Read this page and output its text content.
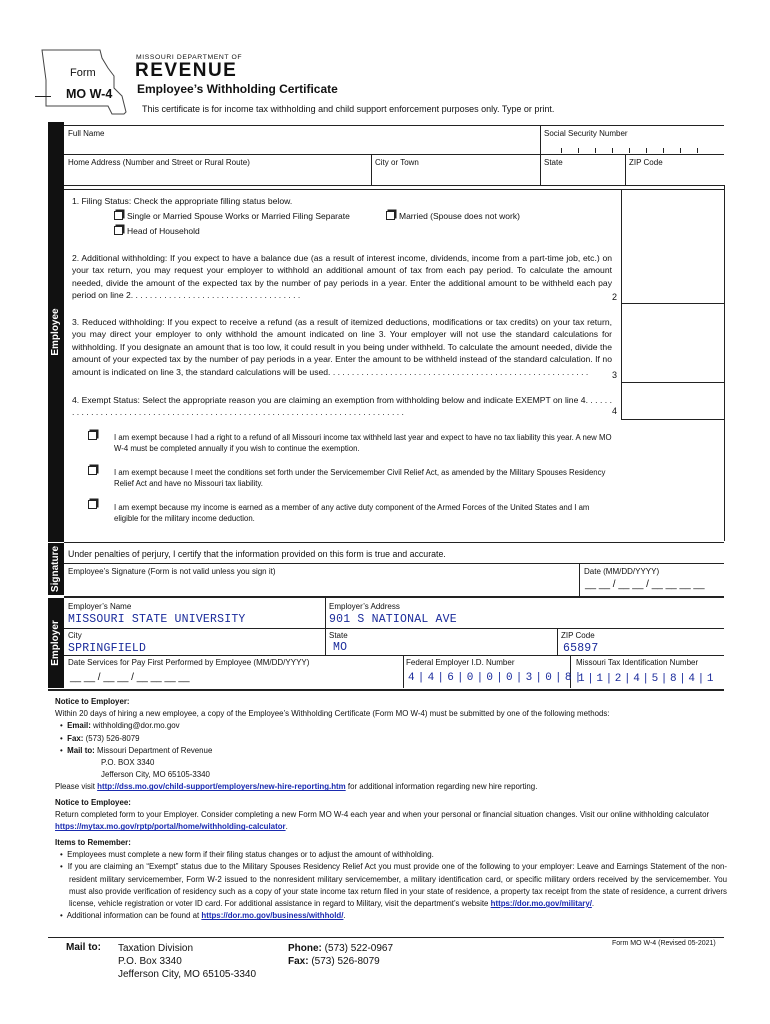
Form
MO W-4
MISSOURI DEPARTMENT OF
REVENUE
Employee’s Withholding Certificate
This certificate is for income tax withholding and child support enforcement purposes only. Type or print.
Employee
Signature
Employer
Full Name	Social Security Number
Home Address (Number and Street or Rural Route)	City or Town	State	ZIP Code
1. Filing Status: Check the appropriate filling status below.
Single or Married Spouse Works or Married Filing Separate	Married (Spouse does not work)
Head of Household
2. Additional withholding: If you expect to have a balance due (as a result of interest income, dividends, income from a part-time job, etc.) on your tax return, you may request your employer to withhold an additional amount of tax from each pay period. To calculate the amount needed, divide the amount of the expected tax by the number of pay periods in a year. Enter the additional amount to be withheld each pay period on line 2. . . . . . . . . . . . . . . . . . . . . . . . . . . . . . . . . . . .	2
3. Reduced withholding: If you expect to receive a refund (as a result of itemized deductions, modifications or tax credits) on your tax return, you may direct your employer to only withhold the amount indicated on line 3. Your employer will not use the standard calculations for withholding. If you designate an amount that is too low, it could result in you being under withheld. To calculate the amount needed, divide the amount of your expected tax by the number of pay periods in a year. Enter the amount to be withheld instead of the standard calculation. If no amount is indicated on line 3, the standard calculations will be used. . . . . . . . . . . . . . . . . . . . . . . . . . . . . . . . . . . . . . . . . . . . . . . . . . . . . . .	3
4. Exempt Status: Select the appropriate reason you are claiming an exemption from withholding below and indicate EXEMPT on line 4. . . . . . . . . . . . . . . . . . . . . . . . . . . . . . . . . . . . . . . . . . . . . . . . . . . . . . . . . . . . . . . . . . . . . . . . . . . .	4
I am exempt because I had a right to a refund of all Missouri income tax withheld last year and expect to have no tax liability this year. A new MO W-4 must be completed annually if you wish to continue the exemption.
I am exempt because I meet the conditions set forth under the Servicemember Civil Relief Act, as amended by the Military Spouses Residency Relief Act and have no Missouri tax liability.
I am exempt because my income is earned as a member of any active duty component of the Armed Forces of the United States and I am eligible for the military income deduction.
Under penalties of perjury, I certify that the information provided on this form is true and accurate.
Employee’s Signature (Form is not valid unless you sign it)	Date (MM/DD/YYYY)
__ __ / __ __ / __ __ __ __
Employer’s Name
MISSOURI STATE UNIVERSITY
Employer’s Address
901 S NATIONAL AVE
City
SPRINGFIELD
State
MO
ZIP Code
65897
Date Services for Pay First Performed by Employee (MM/DD/YYYY)
__ __ / __ __ / __ __ __ __
Federal Employer I.D. Number
4|4|6|0|0|0|3|0|8|
Missouri Tax Identification Number
1|1|2|4|5|8|4|1

Notice to Employer:

Within 20 days of hiring a new employee, a copy of the Employee’s Withholding Certificate (Form MO W-4) must be submitted by one of the following methods:

•  Email: withholding@dor.mo.gov

•  Fax: (573) 526-8079

•  Mail to: Missouri Department of Revenue

P.O. BOX 3340

Jefferson City, MO 65105-3340

Please visit http://dss.mo.gov/child-support/employers/new-hire-reporting.htm for additional information regarding new hire reporting.

Notice to Employee:

Return completed form to your Employer. Consider completing a new Form MO W-4 each year and when your personal or financial situation changes. Visit our online withholding calculator https://mytax.mo.gov/rptp/portal/home/withholding-calculator.

Items to Remember:

•  Employees must complete a new form if their filing status changes or to adjust the amount of withholding.

•  If you are claiming an “Exempt” status due to the Military Spouses Residency Relief Act you must provide one of the following to your employer: Leave and Earnings Statement of the non-resident military servicemember, Form W-2 issued to the nonresident military servicemember, a military identification card, or specific military orders received by the servicemember. You must also provide verification of residency such as a copy of your state income tax return filed in your state of residence, a property tax receipt from the state of residence, a current drivers license, vehicle registration or voter ID card. For additional assistance in regard to Military, visit the department’s website https://dor.mo.gov/military/.

•  Additional information can be found at https://dor.mo.gov/business/withhold/.

Mail to: Taxation Division
P.O. Box 3340
Jefferson City, MO 65105-3340
Phone: (573) 522-0967
Fax: (573) 526-8079
Form MO W-4 (Revised 05-2021)
